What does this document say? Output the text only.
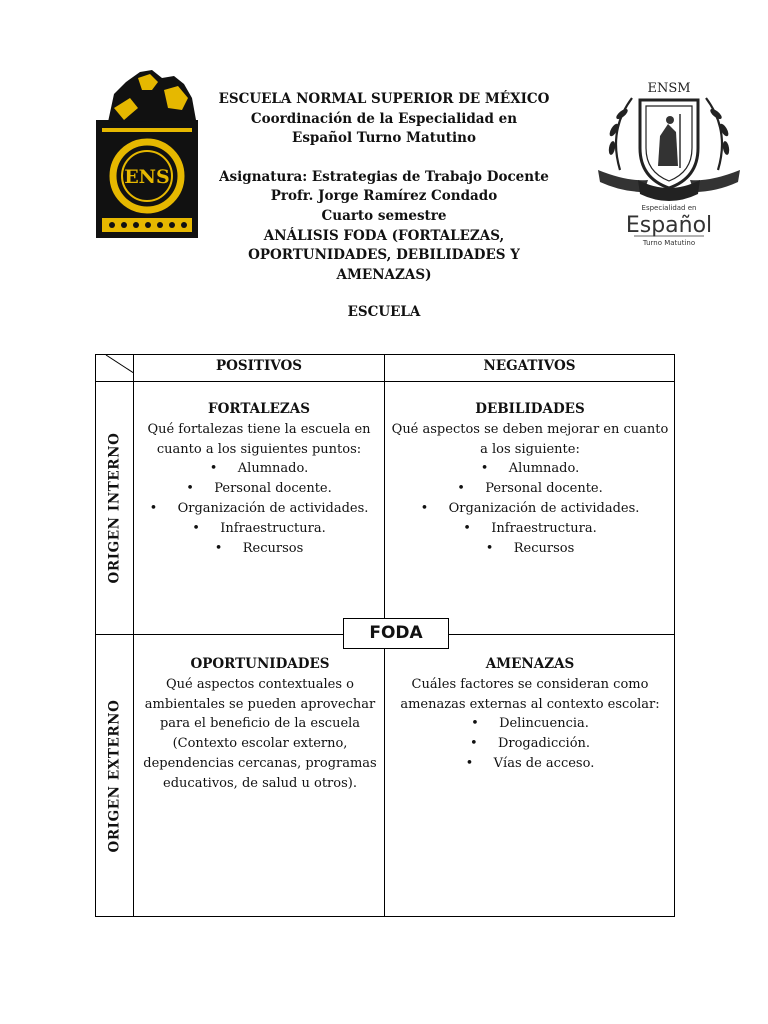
ENS
ENSM
Especialidad en
Español
Turno Matutino
ESCUELA NORMAL SUPERIOR DE MÉXICO
Coordinación de la Especialidad en
Español Turno Matutino
Asignatura: Estrategias de Trabajo Docente
Profr. Jorge Ramírez Condado
Cuarto semestre
ANÁLISIS FODA (FORTALEZAS,
OPORTUNIDADES, DEBILIDADES Y AMENAZAS)
ESCUELA
POSITIVOS	NEGATIVOS
ORIGEN INTERNO
ORIGEN EXTERNO
FORTALEZAS

Qué fortalezas tiene la escuela en cuanto a los siguientes puntos:

• Alumnado.
• Personal docente.
• Organización de actividades.
• Infraestructura.
• Recursos
DEBILIDADES

Qué aspectos se deben mejorar en cuanto a los siguiente:

• Alumnado.
• Personal docente.
• Organización de actividades.
• Infraestructura.
• Recursos
OPORTUNIDADES

Qué aspectos contextuales o ambientales se pueden aprovechar para el beneficio de la escuela (Contexto escolar externo, dependencias cercanas, programas educativos, de salud u otros).

AMENAZAS

Cuáles factores se consideran como amenazas externas al contexto escolar:

• Delincuencia.
• Drogadicción.
• Vías de acceso.
FODA
